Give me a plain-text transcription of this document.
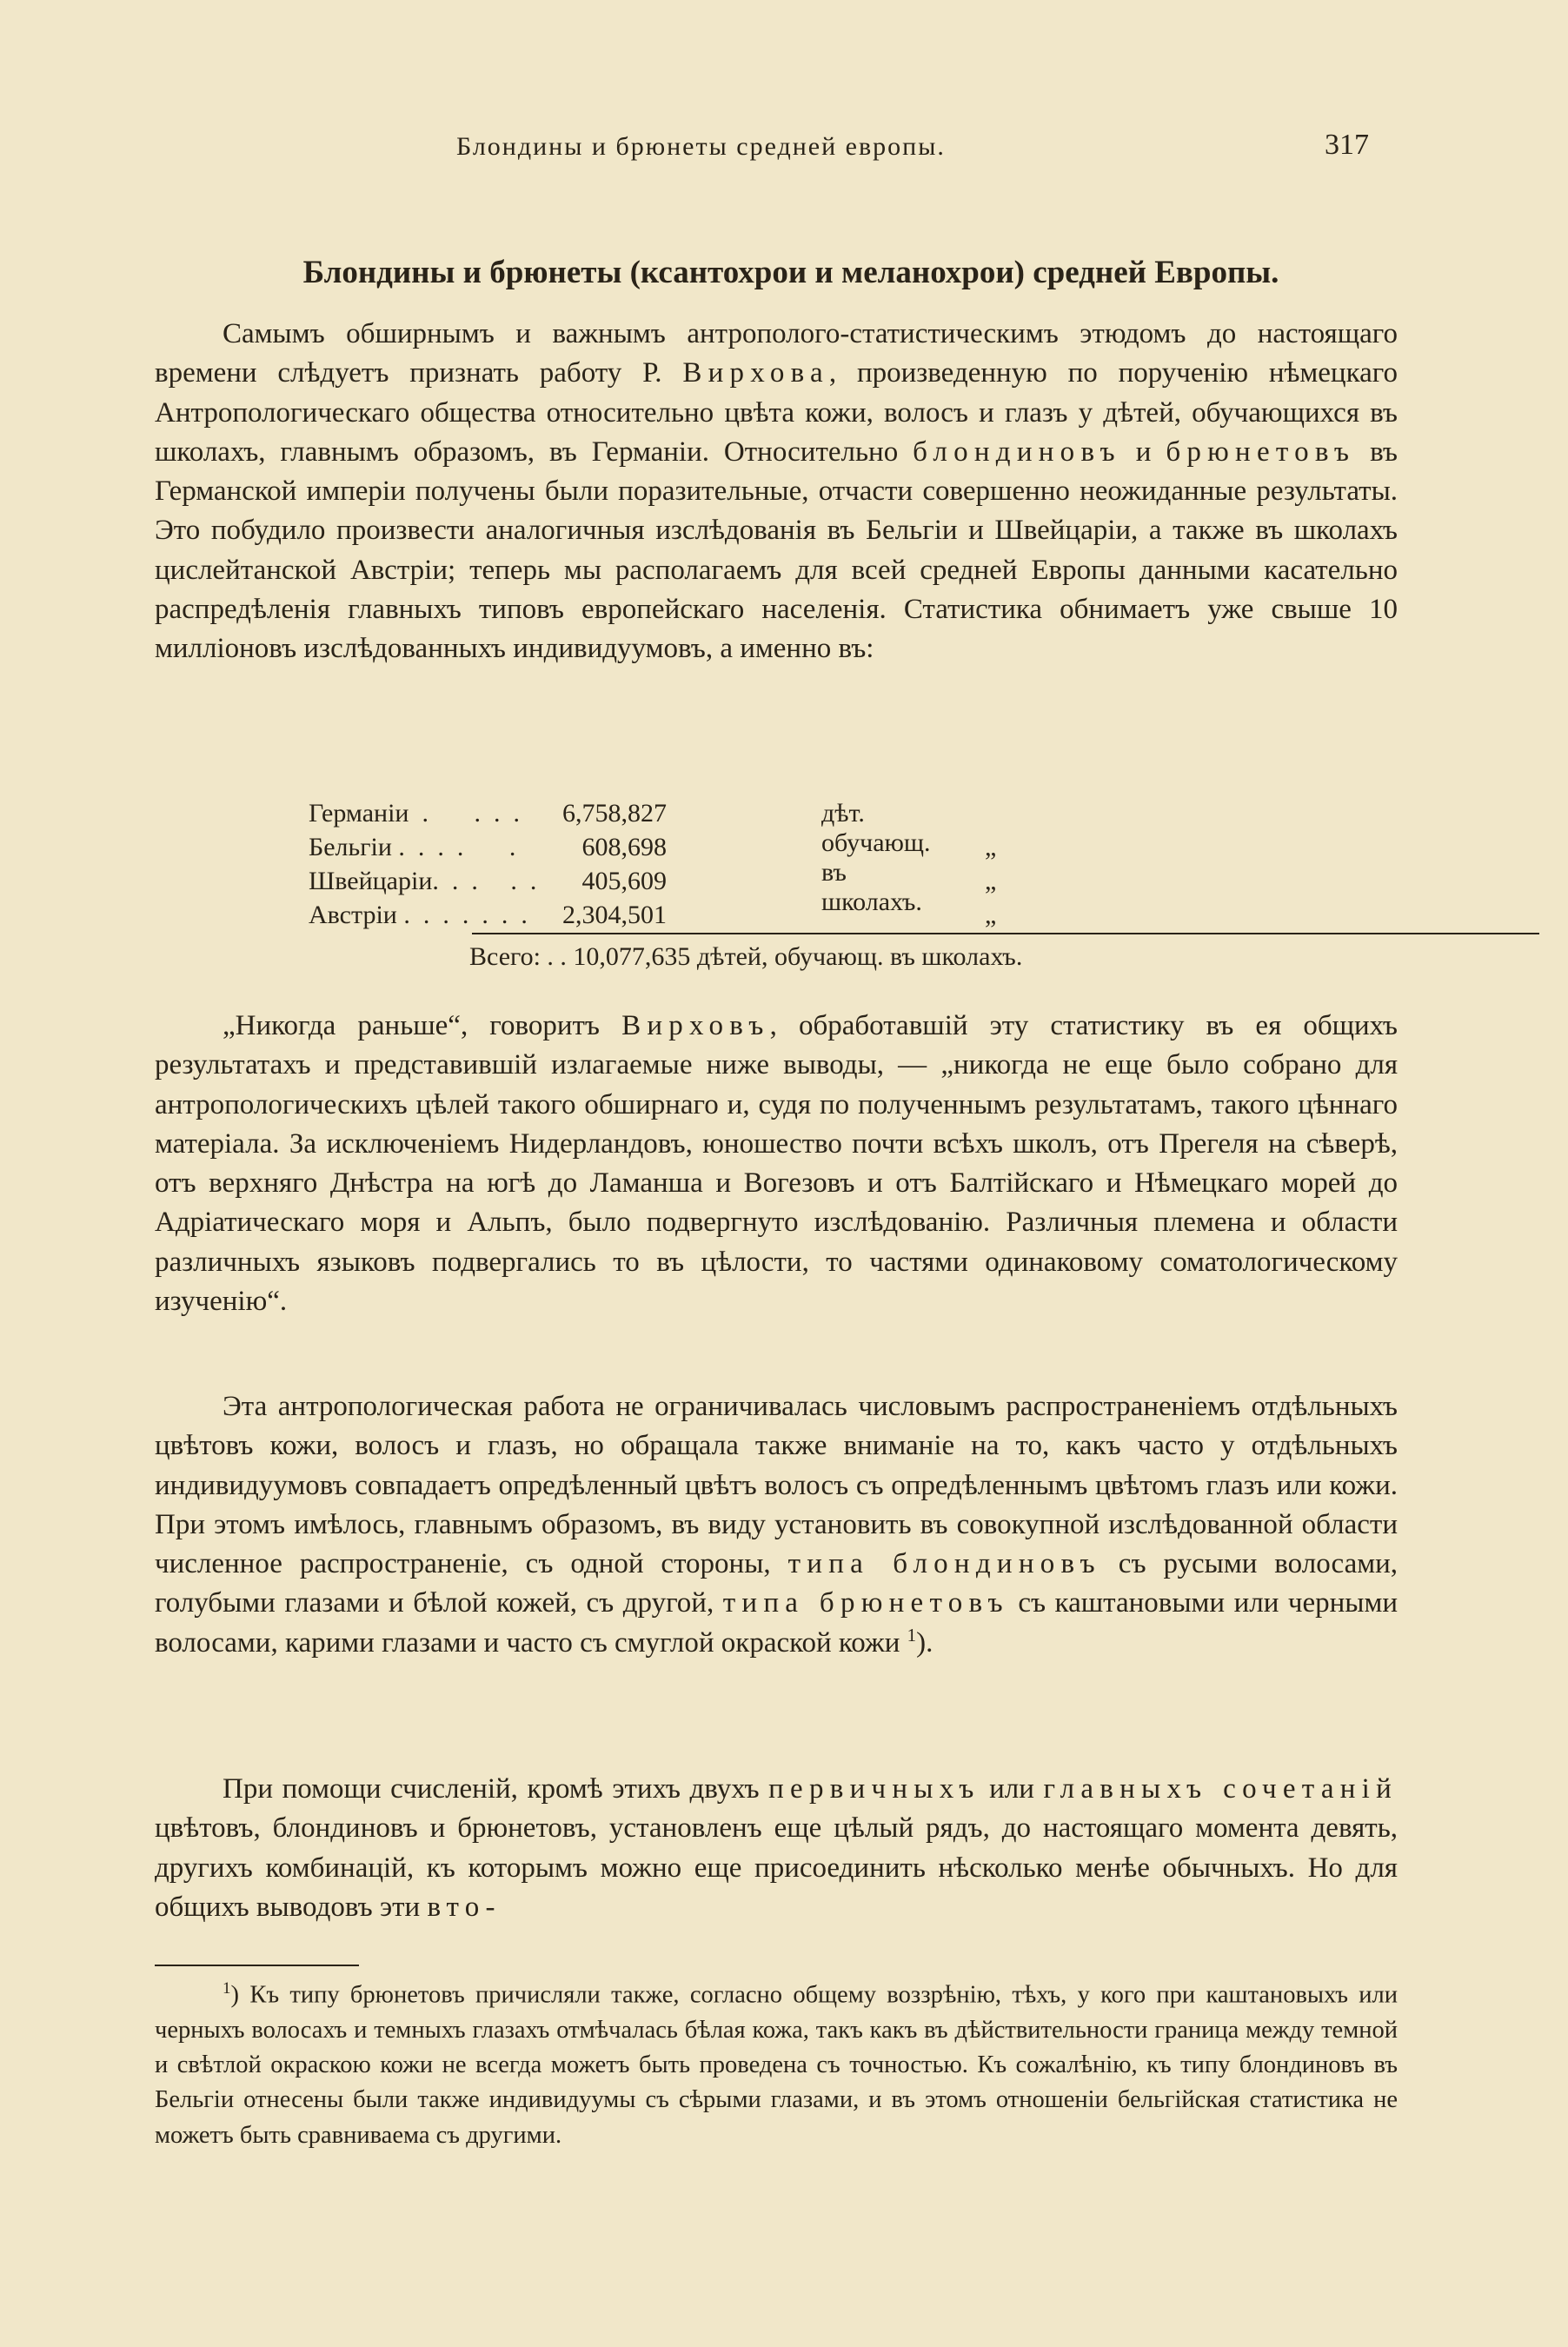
Блондины и брюнеты средней европы.	317
Блондины и брюнеты (ксантохрои и меланохрои) средней Европы.

Самымъ обширнымъ и важнымъ антрополого-статистическимъ этюдомъ до настоящаго времени слѣдуетъ признать работу Р. Вирхова, произведенную по порученію нѣмецкаго Антропологическаго общества относительно цвѣта кожи, волосъ и глазъ у дѣтей, обучающихся въ школахъ, главнымъ образомъ, въ Германіи. Относительно блондиновъ и брюнетовъ въ Германской имперіи получены были поразительные, отчасти совершенно неожиданные результаты. Это побудило произвести аналогичныя изслѣдованія въ Бельгіи и Швейцаріи, а также въ школахъ цислейтанской Австріи; теперь мы располагаемъ для всей средней Европы данными касательно распредѣленія главныхъ типовъ европейскаго населенія. Статистика обнимаетъ уже свыше 10 милліоновъ изслѣдованныхъ индивидуумовъ, а именно въ:

Германіи  .       .  .  .	6,758,827	дѣт. обучающ. въ школахъ.
Бельгіи .  .  .  .       .	608,698	„
Швейцаріи.  .  .     .  .	405,609	„
Австріи .  .  .  .  .  .  .	2,304,501	„
Всего: . . 10,077,635 дѣтей, обучающ. въ школахъ.

„Никогда раньше“, говоритъ Вирховъ, обработавшій эту статистику въ ея общихъ результатахъ и представившій излагаемые ниже выводы, — „никогда не еще было собрано для антропологическихъ цѣлей такого обширнаго и, судя по полученнымъ результатамъ, такого цѣннаго матеріала. За исключеніемъ Нидерландовъ, юношество почти всѣхъ школъ, отъ Прегеля на сѣверѣ, отъ верхняго Днѣстра на югѣ до Ламанша и Вогезовъ и отъ Балтійскаго и Нѣмецкаго морей до Адріатическаго моря и Альпъ, было подвергнуто изслѣдованію. Различныя племена и области различныхъ языковъ подвергались то въ цѣлости, то частями одинаковому соматологическому изученію“.

Эта антропологическая работа не ограничивалась числовымъ распространеніемъ отдѣльныхъ цвѣтовъ кожи, волосъ и глазъ, но обращала также вниманіе на то, какъ часто у отдѣльныхъ индивидуумовъ совпадаетъ опредѣленный цвѣтъ волосъ съ опредѣленнымъ цвѣтомъ глазъ или кожи. При этомъ имѣлось, главнымъ образомъ, въ виду установить въ совокупной изслѣдованной области численное распространеніе, съ одной стороны, типа блондиновъ съ русыми волосами, голубыми глазами и бѣлой кожей, съ другой, типа брюнетовъ съ каштановыми или черными волосами, карими глазами и часто съ смуглой окраской кожи $^1$).

При помощи счисленій, кромѣ этихъ двухъ первичныхъ или главныхъ сочетаній цвѣтовъ, блондиновъ и брюнетовъ, установленъ еще цѣлый рядъ, до настоящаго момента девять, другихъ комбинацій, къ которымъ можно еще присоединить нѣсколько менѣе обычныхъ. Но для общихъ выводовъ эти вто-

$^1$) Къ типу брюнетовъ причисляли также, согласно общему воззрѣнію, тѣхъ, у кого при каштановыхъ или черныхъ волосахъ и темныхъ глазахъ отмѣчалась бѣлая кожа, такъ какъ въ дѣйствительности граница между темной и свѣтлой окраскою кожи не всегда можетъ быть проведена съ точностью. Къ сожалѣнію, къ типу блондиновъ въ Бельгіи отнесены были также индивидуумы съ сѣрыми глазами, и въ этомъ отношеніи бельгійская статистика не можетъ быть сравниваема съ другими.
